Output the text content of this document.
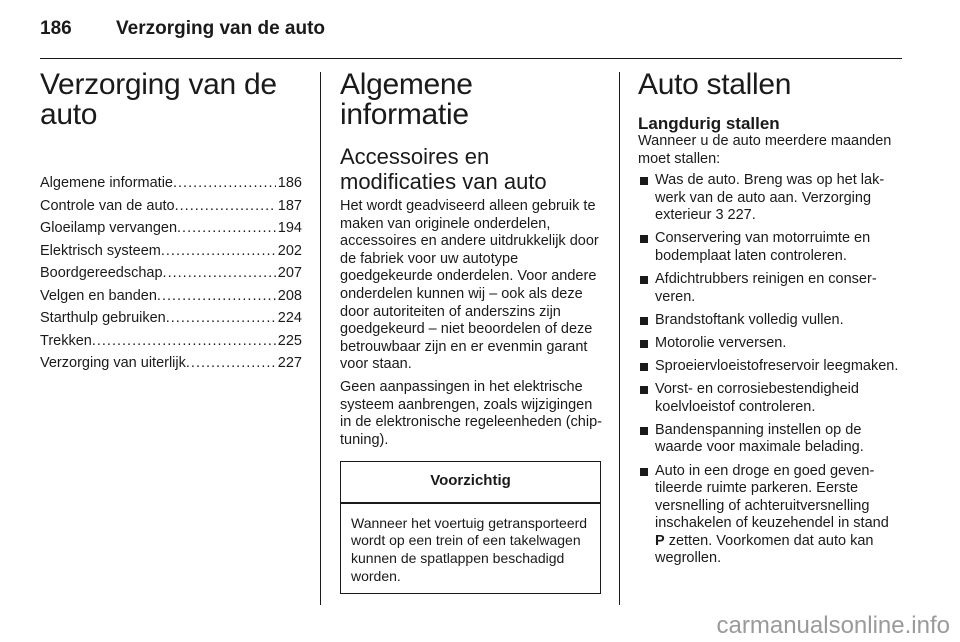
186 Verzorging van de auto
Verzorging van de auto
Algemene informatie .....	186
Controle van de auto .....	187
Gloeilamp vervangen .....	194
Elektrisch systeem .....	202
Boordgereedschap .....	207
Velgen en banden .....	208
Starthulp gebruiken .....	224
Trekken .....	225
Verzorging van uiterlijk .....	227
Algemene informatie
Accessoires en modificaties van auto

Het wordt geadviseerd alleen gebruik te maken van originele onderdelen, accessoires en andere uitdrukkelijk door de fabriek voor uw autotype goedgekeurde onderdelen. Voor andere onderdelen kunnen wij – ook als deze door autoriteiten of anderszins zijn goedgekeurd – niet beoordelen of deze betrouwbaar zijn en er evenmin garant voor staan.

Geen aanpassingen in het elektrische systeem aanbrengen, zoals wijzigingen in de elektronische regeleenheden (chip-tuning).

Voorzichtig

Wanneer het voertuig getransporteerd wordt op een trein of een takelwagen kunnen de spatlappen beschadigd worden.

Auto stallen
Langdurig stallen

Wanneer u de auto meerdere maanden moet stallen:

Was de auto. Breng was op het lakwerk van de auto aan. Verzorging exterieur 3 227.
Conservering van motorruimte en bodemplaat laten controleren.
Afdichtrubbers reinigen en conserveren.
Brandstoftank volledig vullen.
Motorolie verversen.
Sproeiervloeistofreservoir leegmaken.
Vorst- en corrosiebestendigheid koelvloeistof controleren.
Bandenspanning instellen op de waarde voor maximale belading.
Auto in een droge en goed geventileerde ruimte parkeren. Eerste versnelling of achteruitversnelling inschakelen of keuzehendel in stand P zetten. Voorkomen dat auto kan wegrollen.
carmanualsonline.info
